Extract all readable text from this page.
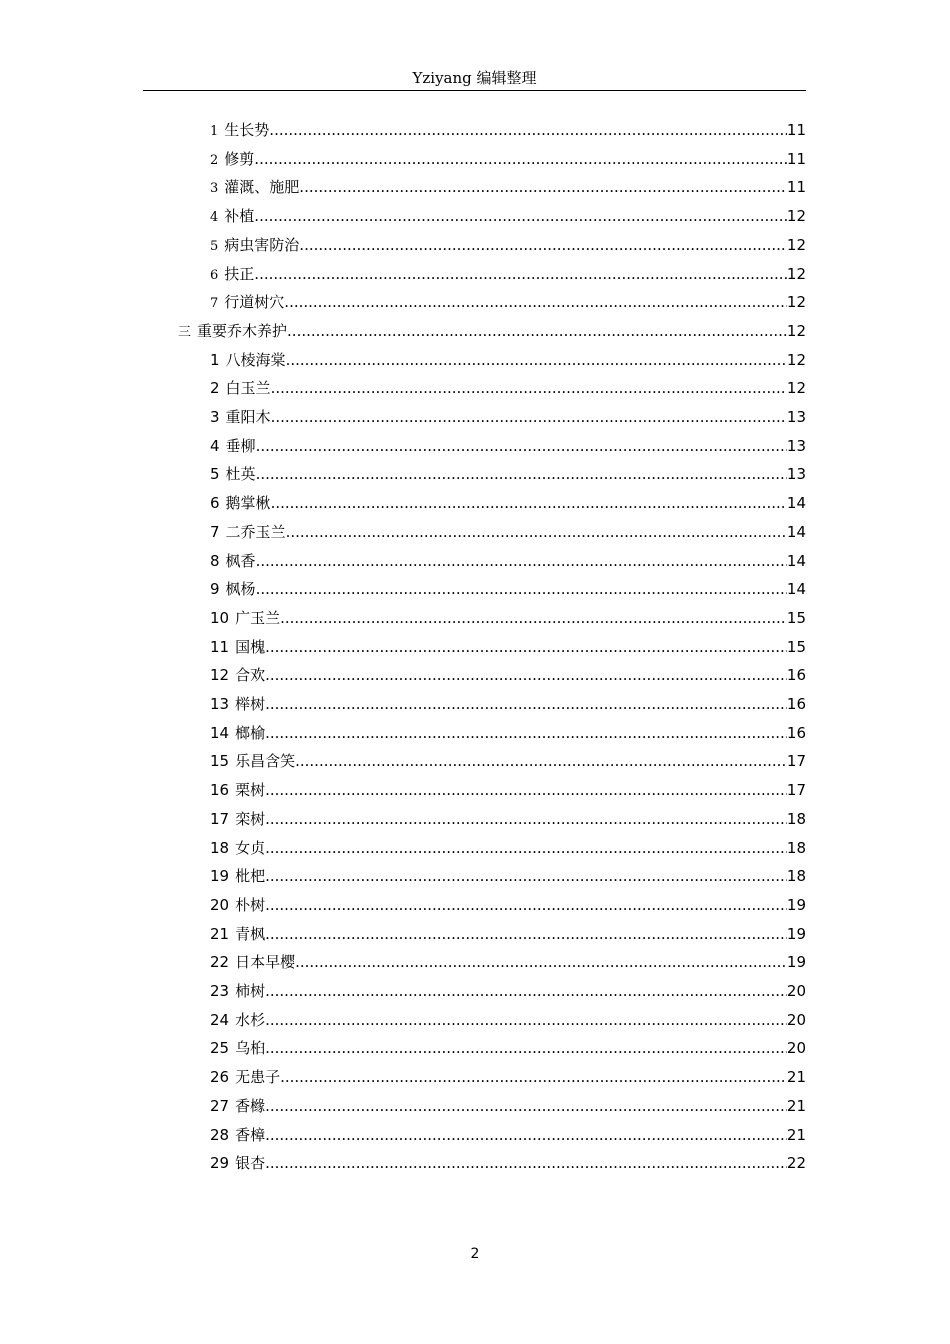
Yziyang 编辑整理
1 生长势 .....	11
2 修剪 .....	11
3 灌溉、施肥 .....	11
4 补植 .....	12
5 病虫害防治 .....	12
6 扶正 .....	12
7 行道树穴 .....	12
三 重要乔木养护 .....	12
1 八棱海棠 .....	12
2 白玉兰 .....	12
3 重阳木 .....	13
4 垂柳 .....	13
5 杜英 .....	13
6 鹅掌楸 .....	14
7 二乔玉兰 .....	14
8 枫香 .....	14
9 枫杨 .....	14
10 广玉兰 .....	15
11 国槐 .....	15
12 合欢 .....	16
13 榉树 .....	16
14 榔榆 .....	16
15 乐昌含笑 .....	17
16 栗树 .....	17
17 栾树 .....	18
18 女贞 .....	18
19 枇杷 .....	18
20 朴树 .....	19
21 青枫 .....	19
22 日本早樱 .....	19
23 柿树 .....	20
24 水杉 .....	20
25 乌桕 .....	20
26 无患子 .....	21
27 香橼 .....	21
28 香樟 .....	21
29 银杏 .....	22
2
